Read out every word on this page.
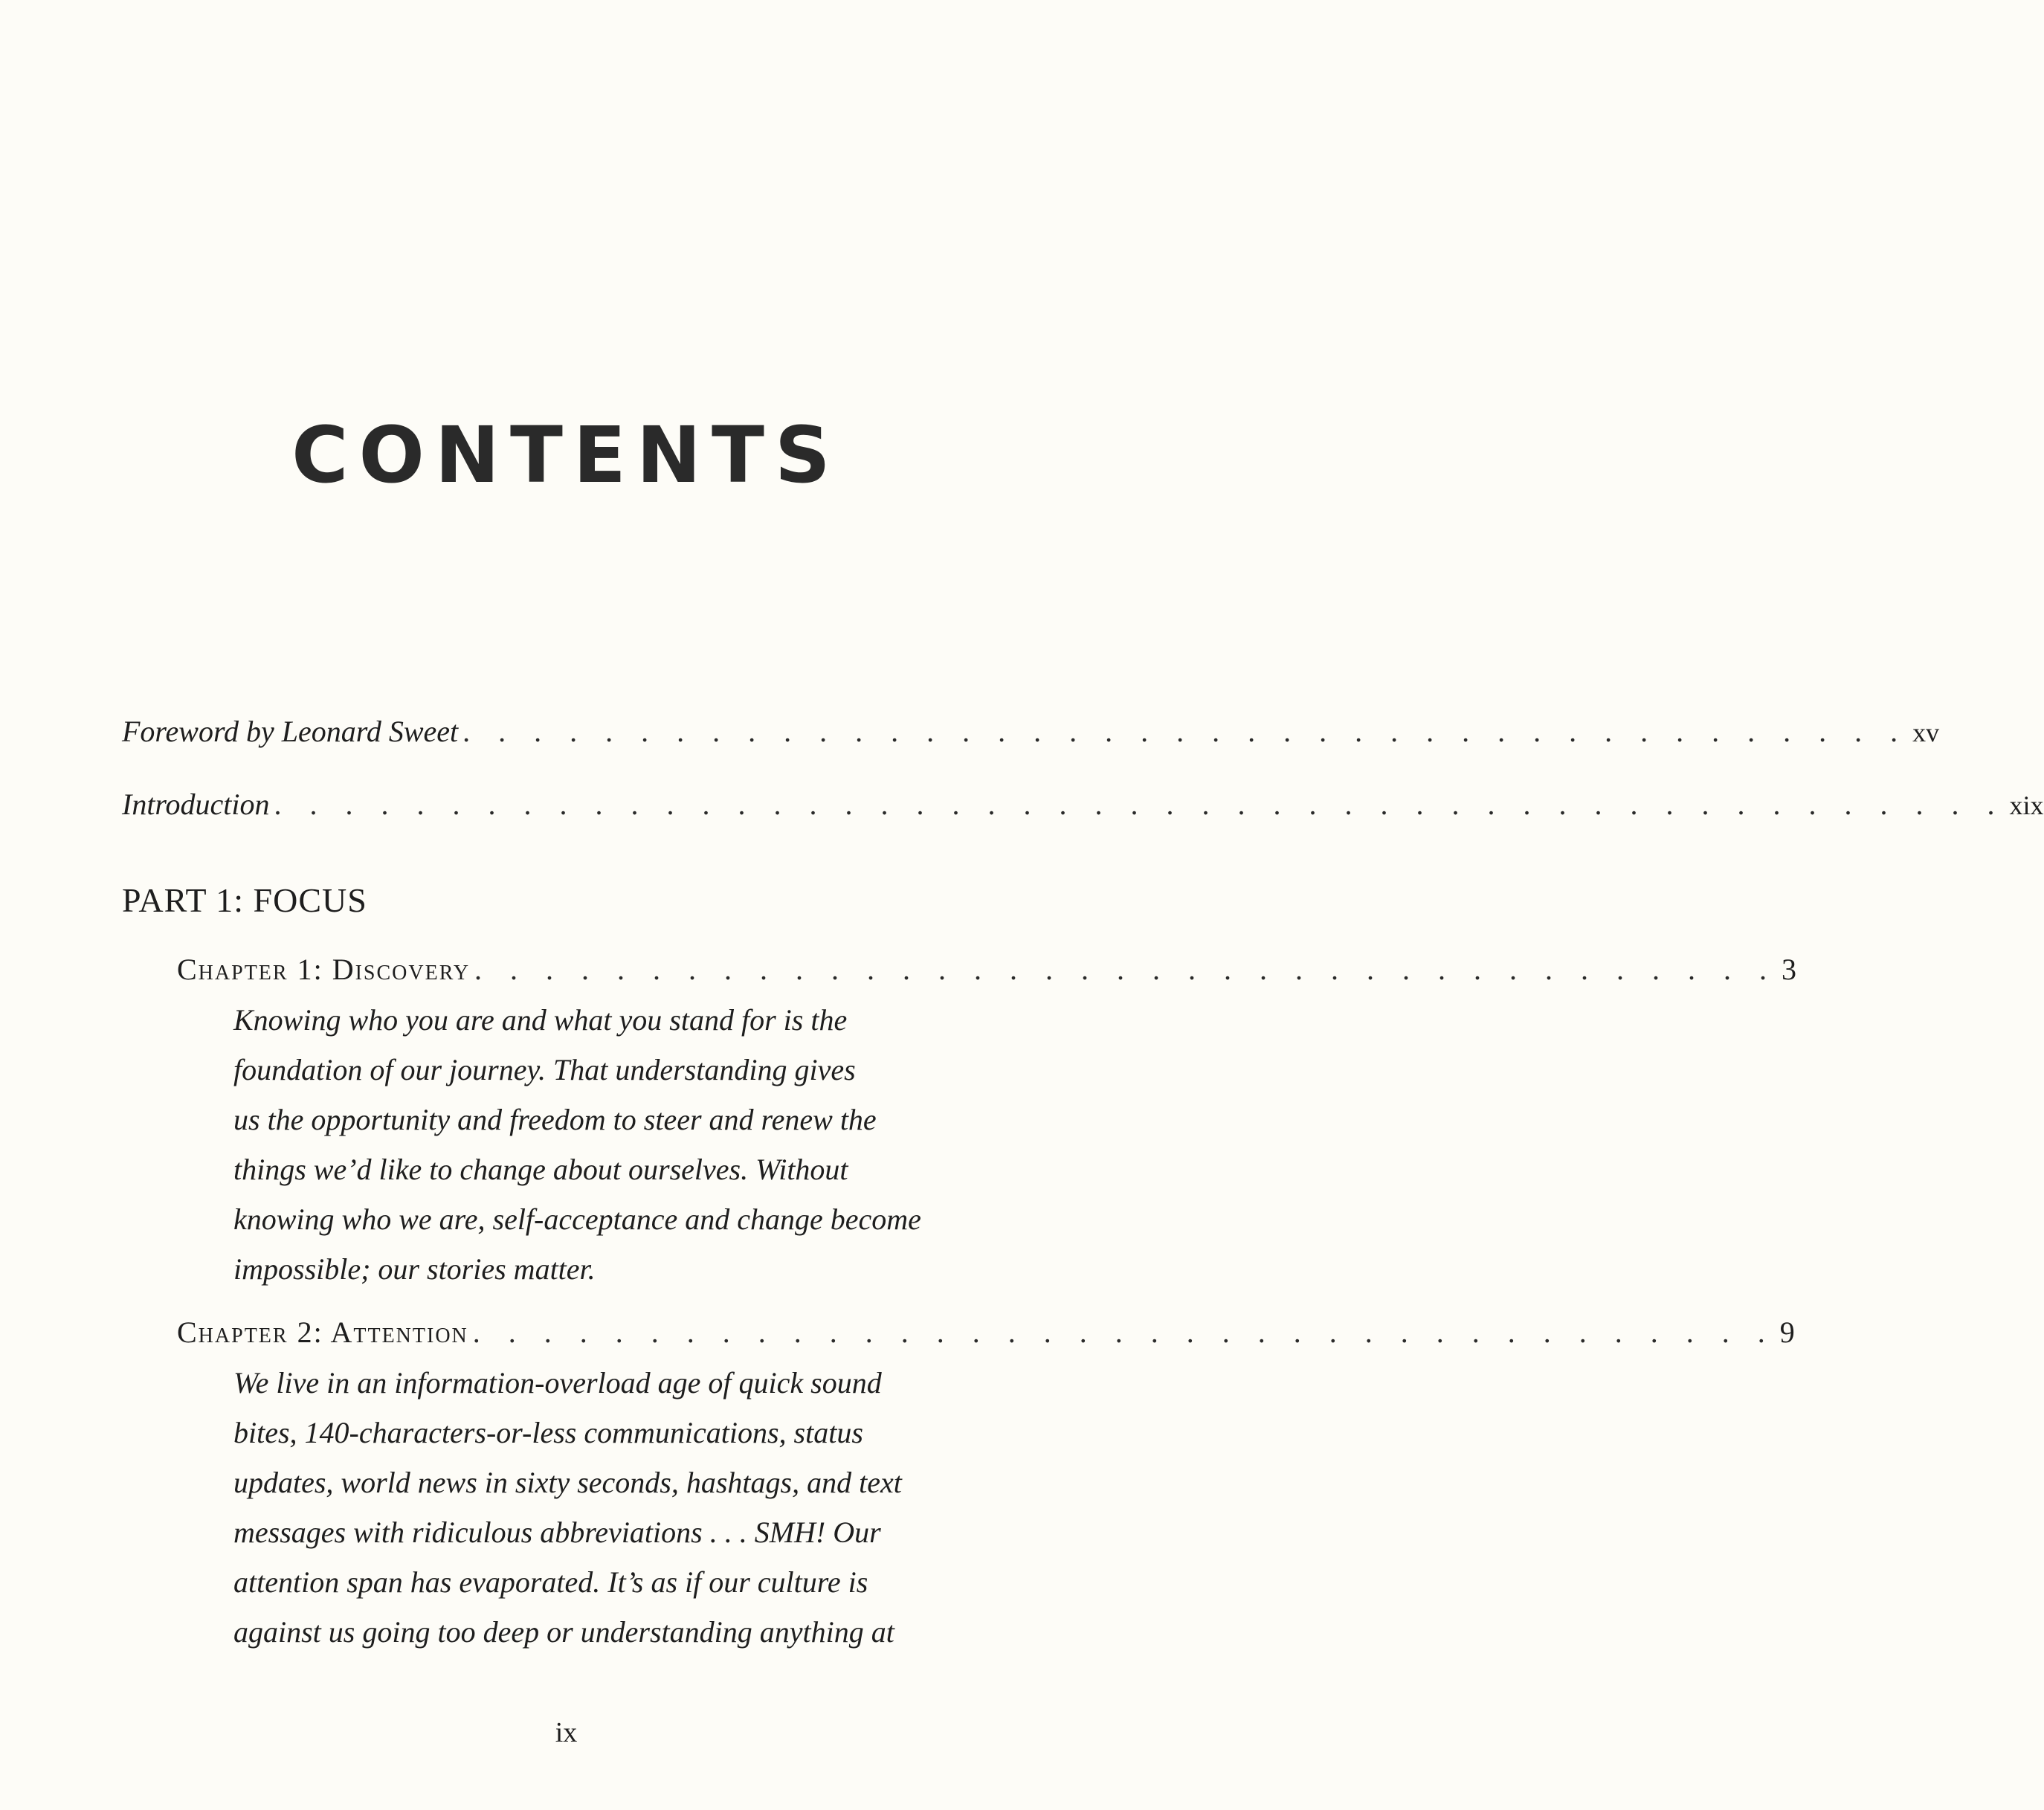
CONTENTS
Foreword by Leonard Sweet . . . . . . . . . . . . . . . . . . . . . . . . . . . . . . . . . . . . . . . . . xv
Introduction . . . . . . . . . . . . . . . . . . . . . . . . . . . . . . . . . . . . . . . . . . . . . . . . . xix
PART 1: FOCUS
Chapter 1: Discovery . . . . . . . . . . . . . . . . . . . . . . . . . . . . . . . . . . . . . 3
Knowing who you are and what you stand for is the
foundation of our journey. That understanding gives
us the opportunity and freedom to steer and renew the
things we’d like to change about ourselves. Without
knowing who we are, self-acceptance and change become
impossible; our stories matter.
Chapter 2: Attention . . . . . . . . . . . . . . . . . . . . . . . . . . . . . . . . . . . . . 9
We live in an information-overload age of quick sound
bites, 140-characters-or-less communications, status
updates, world news in sixty seconds, hashtags, and text
messages with ridiculous abbreviations . . . SMH! Our
attention span has evaporated. It’s as if our culture is
against us going too deep or understanding anything at
ix
